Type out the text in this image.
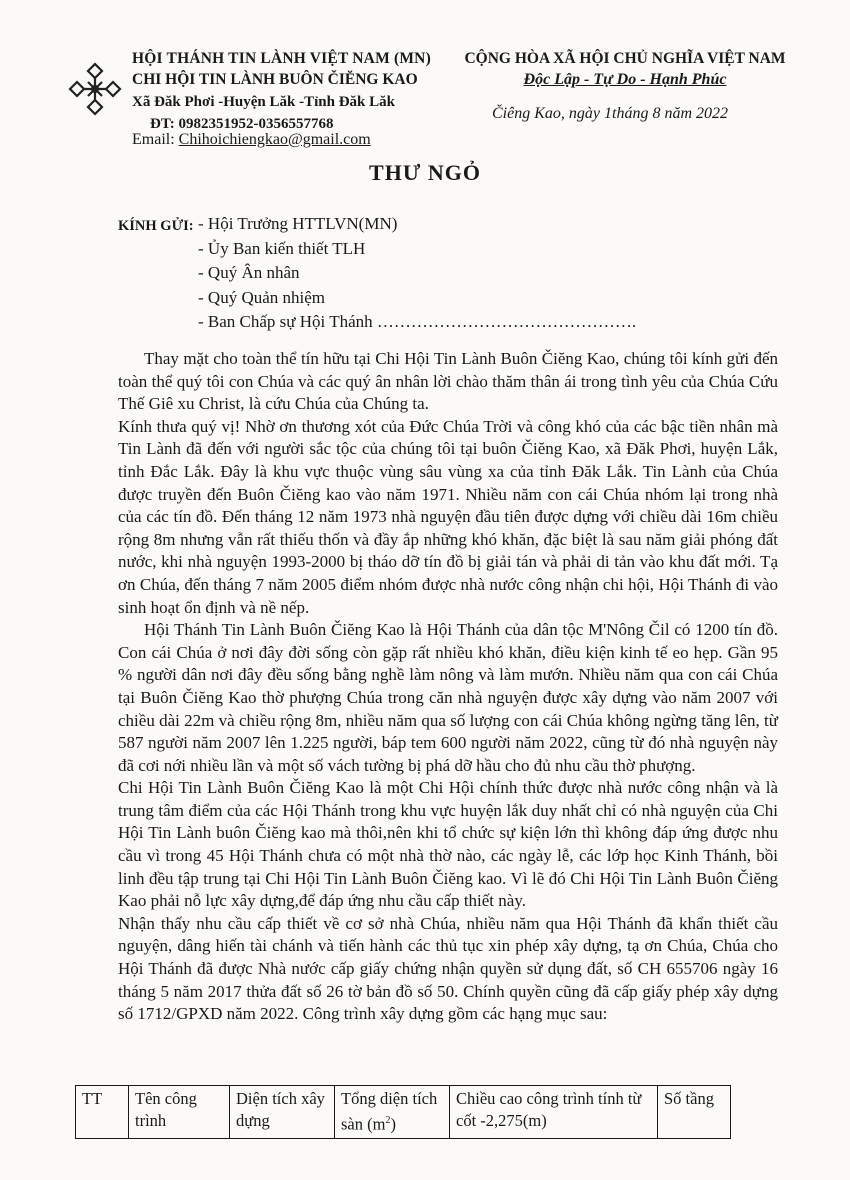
HỘI THÁNH TIN LÀNH VIỆT NAM (MN)
CHI HỘI TIN LÀNH BUÔN ČIĔNG KAO
Xã Đăk Phơi -Huyện Lăk -Tỉnh Đăk Lăk
ĐT: 0982351952-0356557768
Email: Chihoichiengkao@gmail.com
CỘNG HÒA XÃ HỘI CHỦ NGHĨA VIỆT NAM
Độc Lập - Tự Do - Hạnh Phúc
Čiêng Kao, ngày 1tháng 8 năm 2022
THƯ NGỎ
KÍNH GỬI: - Hội Trưởng HTTLVN(MN)
- Ủy Ban kiến thiết TLH
- Quý Ân nhân
- Quý Quản nhiệm
- Ban Chấp sự Hội Thánh ……………………………………….

Thay mặt cho toàn thể tín hữu tại Chi Hội Tin Lành Buôn Čiĕng Kao, chúng tôi kính gửi đến toàn thể quý tôi con Chúa và các quý ân nhân lời chào thăm thân ái trong tình yêu của Chúa Cứu Thế Giê xu Christ, là cứu Chúa của Chúng ta.

Kính thưa quý vị! Nhờ ơn thương xót của Đức Chúa Trời và công khó của các bậc tiền nhân mà Tin Lành đã đến với người sắc tộc của chúng tôi tại buôn Čiĕng Kao, xã Đăk Phơi, huyện Lắk, tỉnh Đắc Lắk. Đây là khu vực thuộc vùng sâu vùng xa của tỉnh Đăk Lắk. Tin Lành của Chúa được truyền đến Buôn Čiĕng kao vào năm 1971. Nhiều năm con cái Chúa nhóm lại trong nhà của các tín đồ. Đến tháng 12 năm 1973 nhà nguyện đầu tiên được dựng với chiều dài 16m chiều rộng 8m nhưng vẫn rất thiếu thốn và đầy ắp những khó khăn, đặc biệt là sau năm giải phóng đất nước, khi nhà nguyện 1993-2000 bị tháo dỡ tín đồ bị giải tán và phải di tản vào khu đất mới. Tạ ơn Chúa, đến tháng 7 năm 2005 điểm nhóm được nhà nước công nhận chi hội, Hội Thánh đi vào sinh hoạt ổn định và nề nếp.

Hội Thánh Tin Lành Buôn Čiĕng Kao là Hội Thánh của dân tộc M'Nông Čil có 1200 tín đồ. Con cái Chúa ở nơi đây đời sống còn gặp rất nhiều khó khăn, điều kiện kinh tế eo hẹp. Gần 95 % người dân nơi đây đều sống bằng nghề làm nông và làm mướn. Nhiều năm qua con cái Chúa tại Buôn Čiĕng Kao thờ phượng Chúa trong căn nhà nguyện được xây dựng vào năm 2007 với chiều dài 22m và chiều rộng 8m, nhiều năm qua số lượng con cái Chúa không ngừng tăng lên, từ 587 người năm 2007 lên 1.225 người, báp tem 600 người năm 2022, cũng từ đó nhà nguyện này đã cơi nới nhiều lần và một số vách tường bị phá dỡ hầu cho đủ nhu cầu thờ phượng.

Chi Hội Tin Lành Buôn Čiĕng Kao là một Chi Hội chính thức được nhà nước công nhận và là trung tâm điểm của các Hội Thánh trong khu vực huyện lắk duy nhất chỉ có nhà nguyện của Chi Hội Tin Lành buôn Čiĕng kao mà thôi,nên khi tổ chức sự kiện lớn thì không đáp ứng được nhu cầu vì trong 45 Hội Thánh chưa có một nhà thờ nào, các ngày lễ, các lớp học Kinh Thánh, bồi linh đều tập trung tại Chi Hội Tin Lành Buôn Čiĕng kao. Vì lẽ đó Chi Hội Tin Lành Buôn Čiĕng Kao phải nỗ lực xây dựng,để đáp ứng nhu cầu cấp thiết này.

Nhận thấy nhu cầu cấp thiết về cơ sở nhà Chúa, nhiều năm qua Hội Thánh đã khẩn thiết cầu nguyện, dâng hiến tài chánh và tiến hành các thủ tục xin phép xây dựng, tạ ơn Chúa, Chúa cho Hội Thánh đã được Nhà nước cấp giấy chứng nhận quyền sử dụng đất, số CH 655706 ngày 16 tháng 5 năm 2017 thửa đất số 26 tờ bản đồ số 50. Chính quyền cũng đã cấp giấy phép xây dựng số 1712/GPXD năm 2022. Công trình xây dựng gồm các hạng mục sau:

TT	Tên công trình	Diện tích xây dựng	Tổng diện tích sàn $(m^2)$	Chiều cao công trình tính từ cốt -2,275(m)	Số tầng
